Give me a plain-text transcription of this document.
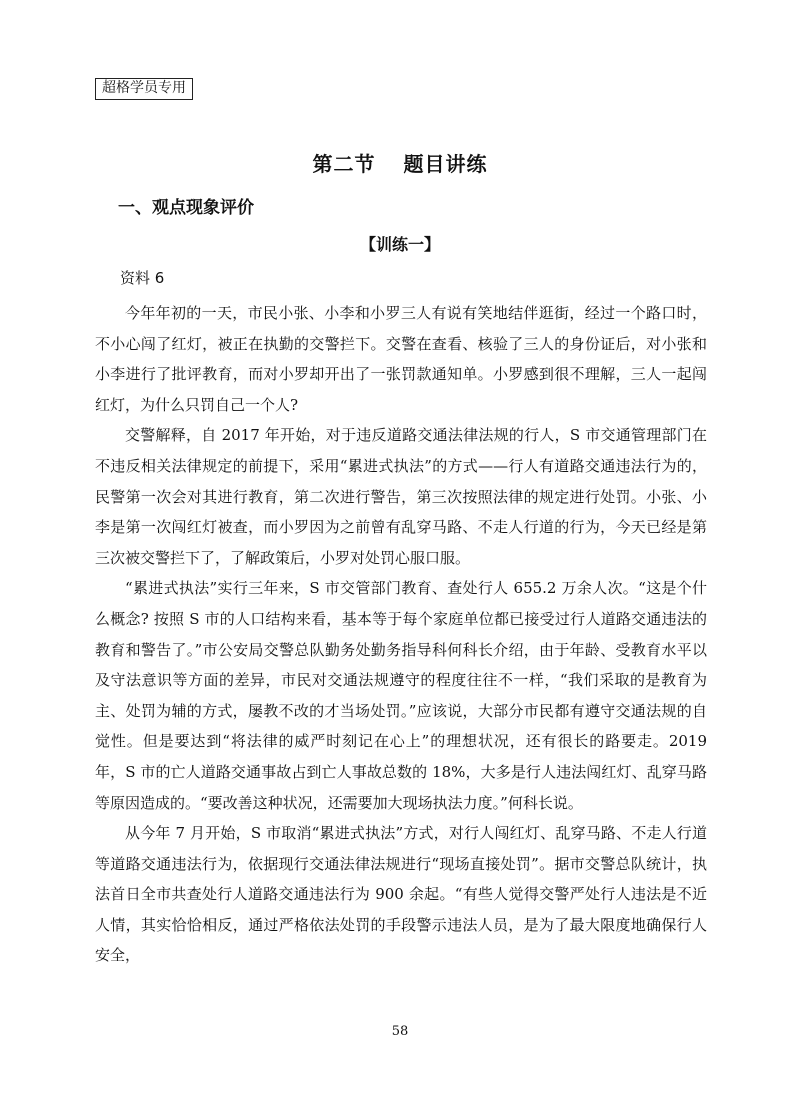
超格学员专用
第二节 题目讲练
一、观点现象评价
【训练一】
资料 6

今年年初的一天，市民小张、小李和小罗三人有说有笑地结伴逛街，经过一个路口时，不小心闯了红灯，被正在执勤的交警拦下。交警在查看、核验了三人的身份证后，对小张和小李进行了批评教育，而对小罗却开出了一张罚款通知单。小罗感到很不理解，三人一起闯红灯，为什么只罚自己一个人?

交警解释，自 2017 年开始，对于违反道路交通法律法规的行人，S 市交通管理部门在不违反相关法律规定的前提下，采用“累进式执法”的方式——行人有道路交通违法行为的，民警第一次会对其进行教育，第二次进行警告，第三次按照法律的规定进行处罚。小张、小李是第一次闯红灯被查，而小罗因为之前曾有乱穿马路、不走人行道的行为，今天已经是第三次被交警拦下了，了解政策后，小罗对处罚心服口服。

“累进式执法”实行三年来，S 市交管部门教育、查处行人 655.2 万余人次。“这是个什么概念? 按照 S 市的人口结构来看，基本等于每个家庭单位都已接受过行人道路交通违法的教育和警告了。”市公安局交警总队勤务处勤务指导科何科长介绍，由于年龄、受教育水平以及守法意识等方面的差异，市民对交通法规遵守的程度往往不一样，“我们采取的是教育为主、处罚为辅的方式，屡教不改的才当场处罚。”应该说，大部分市民都有遵守交通法规的自觉性。但是要达到“将法律的威严时刻记在心上”的理想状况，还有很长的路要走。2019 年，S 市的亡人道路交通事故占到亡人事故总数的 18%，大多是行人违法闯红灯、乱穿马路等原因造成的。“要改善这种状况，还需要加大现场执法力度。”何科长说。

从今年 7 月开始，S 市取消“累进式执法”方式，对行人闯红灯、乱穿马路、不走人行道等道路交通违法行为，依据现行交通法律法规进行“现场直接处罚”。据市交警总队统计，执法首日全市共查处行人道路交通违法行为 900 余起。“有些人觉得交警严处行人违法是不近人情，其实恰恰相反，通过严格依法处罚的手段警示违法人员，是为了最大限度地确保行人安全，

58
